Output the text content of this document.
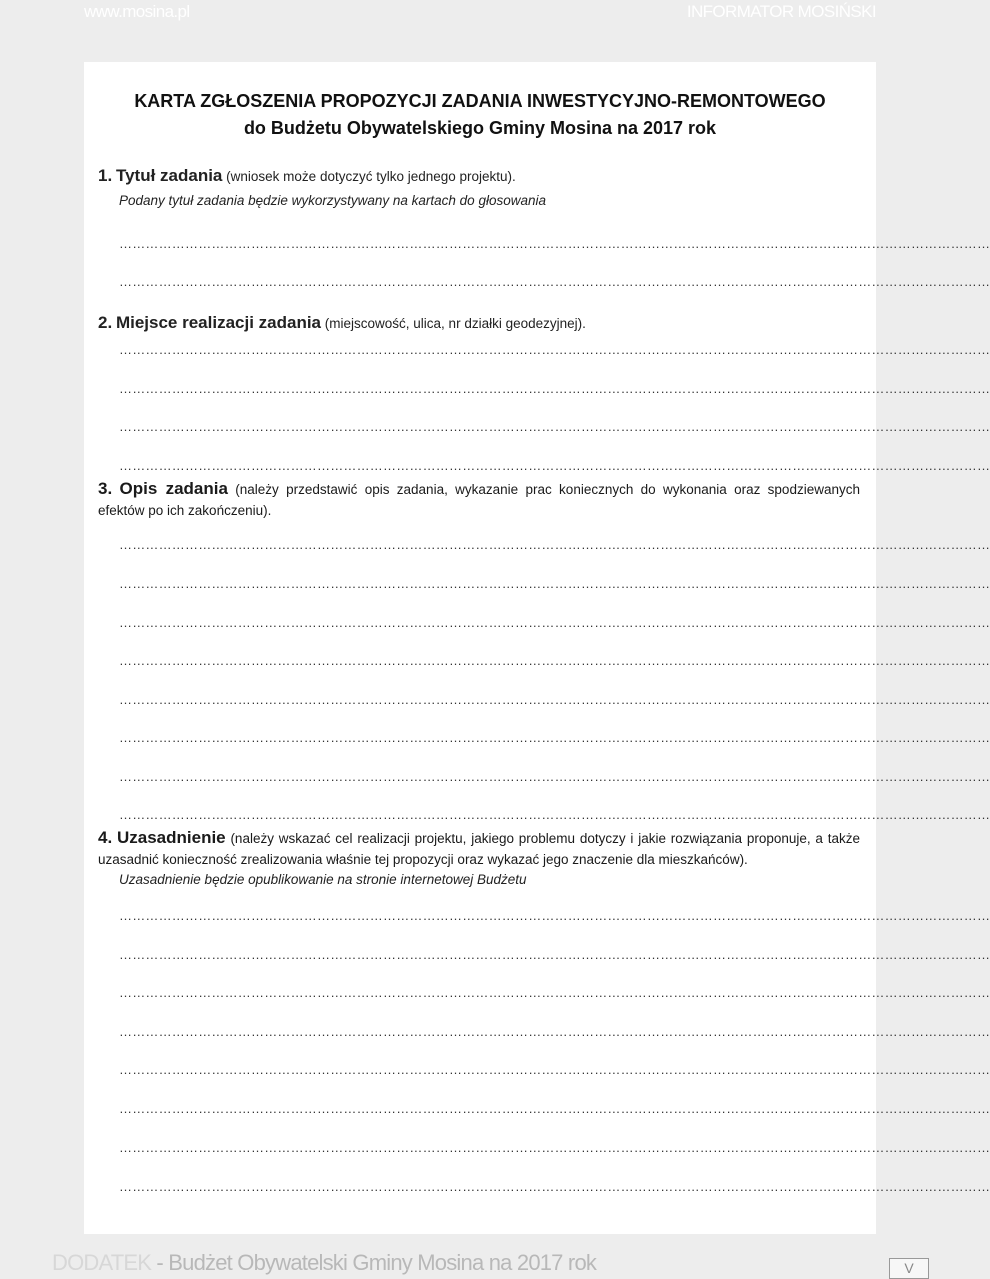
www.mosina.pl	INFORMATOR MOSIŃSKI
KARTA ZGŁOSZENIA PROPOZYCJI ZADANIA INWESTYCYJNO-REMONTOWEGO
do Budżetu Obywatelskiego Gminy Mosina na 2017 rok
1. Tytuł zadania (wniosek może dotyczyć tylko jednego projektu).
Podany tytuł zadania będzie wykorzystywany na kartach do głosowania
………………………………………………………………………………………………………………………………………………………………………………
………………………………………………………………………………………………………………………………………………………………………………
2. Miejsce realizacji zadania (miejscowość, ulica, nr działki geodezyjnej).
………………………………………………………………………………………………………………………………………………………………………………
………………………………………………………………………………………………………………………………………………………………………………
………………………………………………………………………………………………………………………………………………………………………………
………………………………………………………………………………………………………………………………………………………………………………
3. Opis zadania (należy przedstawić opis zadania, wykazanie prac koniecznych do wykonania oraz spodziewanych efektów po ich zakończeniu).
………………………………………………………………………………………………………………………………………………………………………………
………………………………………………………………………………………………………………………………………………………………………………
………………………………………………………………………………………………………………………………………………………………………………
………………………………………………………………………………………………………………………………………………………………………………
………………………………………………………………………………………………………………………………………………………………………………
………………………………………………………………………………………………………………………………………………………………………………
………………………………………………………………………………………………………………………………………………………………………………
………………………………………………………………………………………………………………………………………………………………………………
4. Uzasadnienie (należy wskazać cel realizacji projektu, jakiego problemu dotyczy i jakie rozwiązania proponuje, a także uzasadnić konieczność zrealizowania właśnie tej propozycji oraz wykazać jego znaczenie dla mieszkańców).
Uzasadnienie będzie opublikowanie na stronie internetowej Budżetu
………………………………………………………………………………………………………………………………………………………………………………
………………………………………………………………………………………………………………………………………………………………………………
………………………………………………………………………………………………………………………………………………………………………………
………………………………………………………………………………………………………………………………………………………………………………
………………………………………………………………………………………………………………………………………………………………………………
………………………………………………………………………………………………………………………………………………………………………………
………………………………………………………………………………………………………………………………………………………………………………
………………………………………………………………………………………………………………………………………………………………………………
DODATEK - Budżet Obywatelski Gminy Mosina na 2017 rok	V
